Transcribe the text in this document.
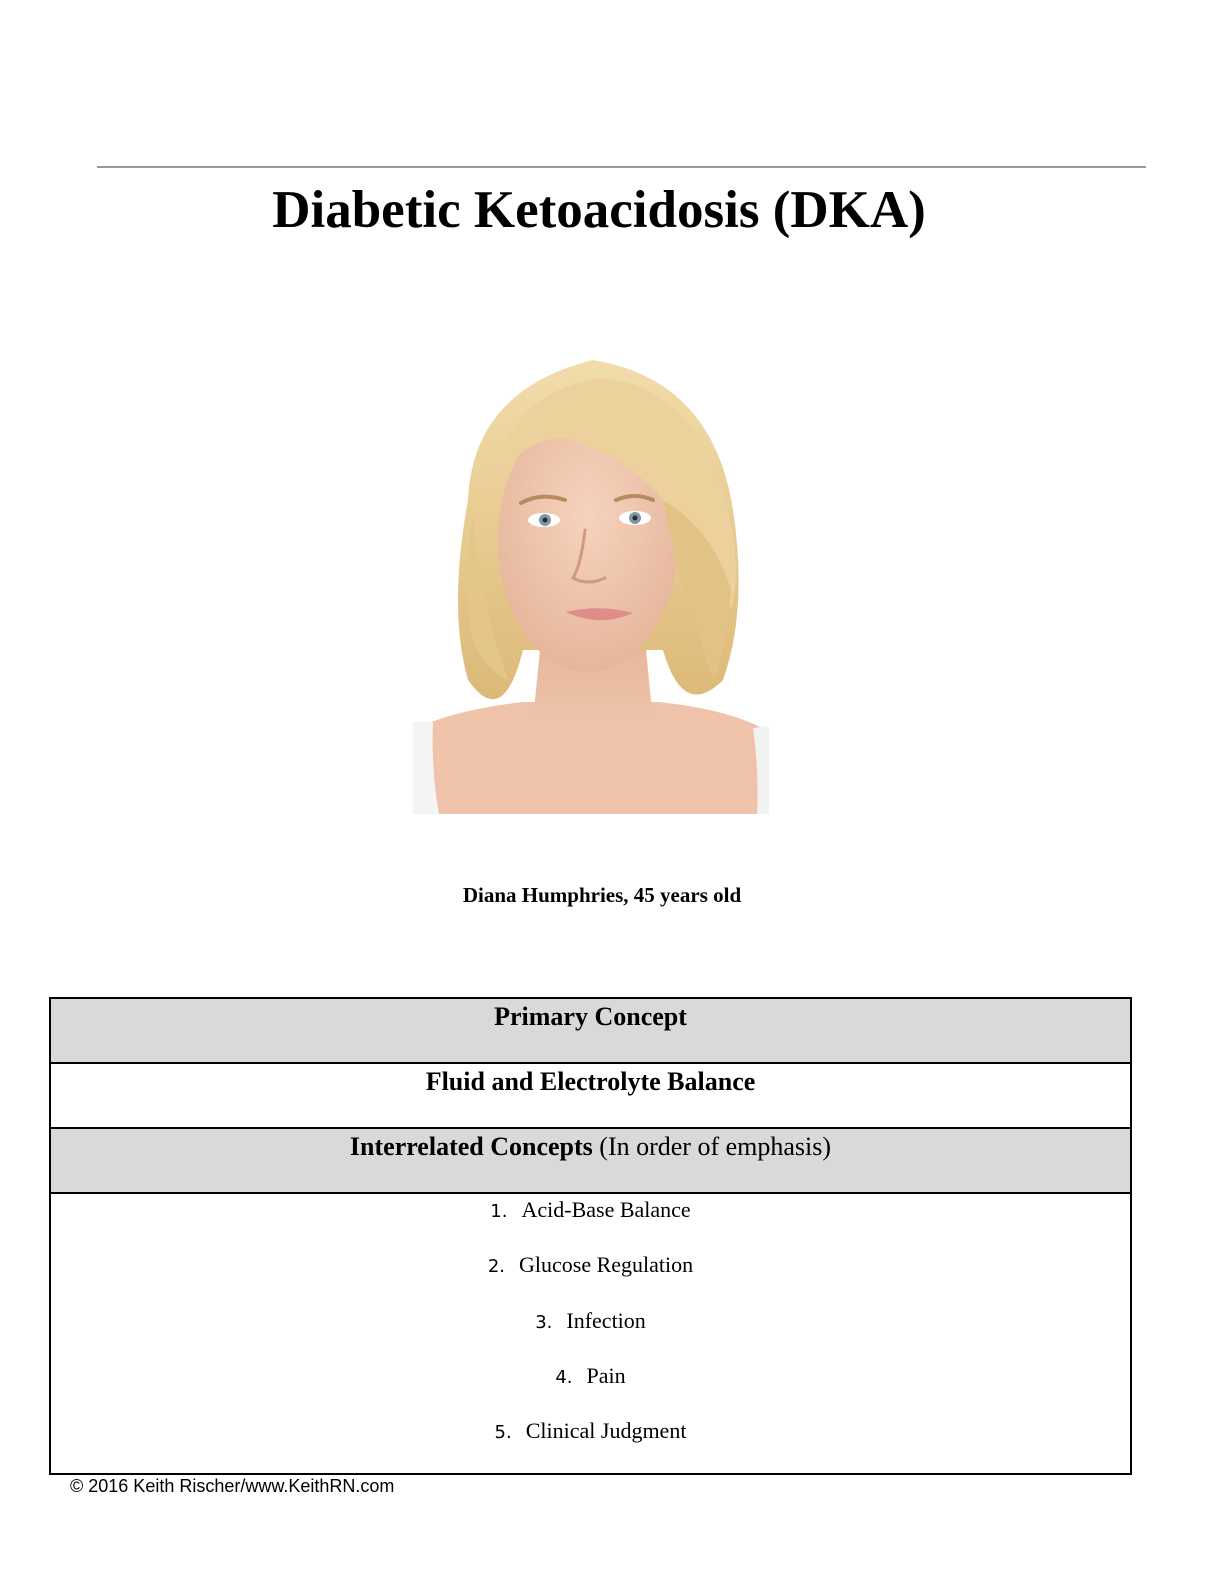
Diabetic Ketoacidosis (DKA)
Diana Humphries, 45 years old
Primary Concept

Fluid and Electrolyte Balance

Interrelated Concepts (In order of emphasis)

1. Acid-Base Balance
2. Glucose Regulation
3. Infection
4. Pain
5. Clinical Judgment
© 2016 Keith Rischer/www.KeithRN.com
